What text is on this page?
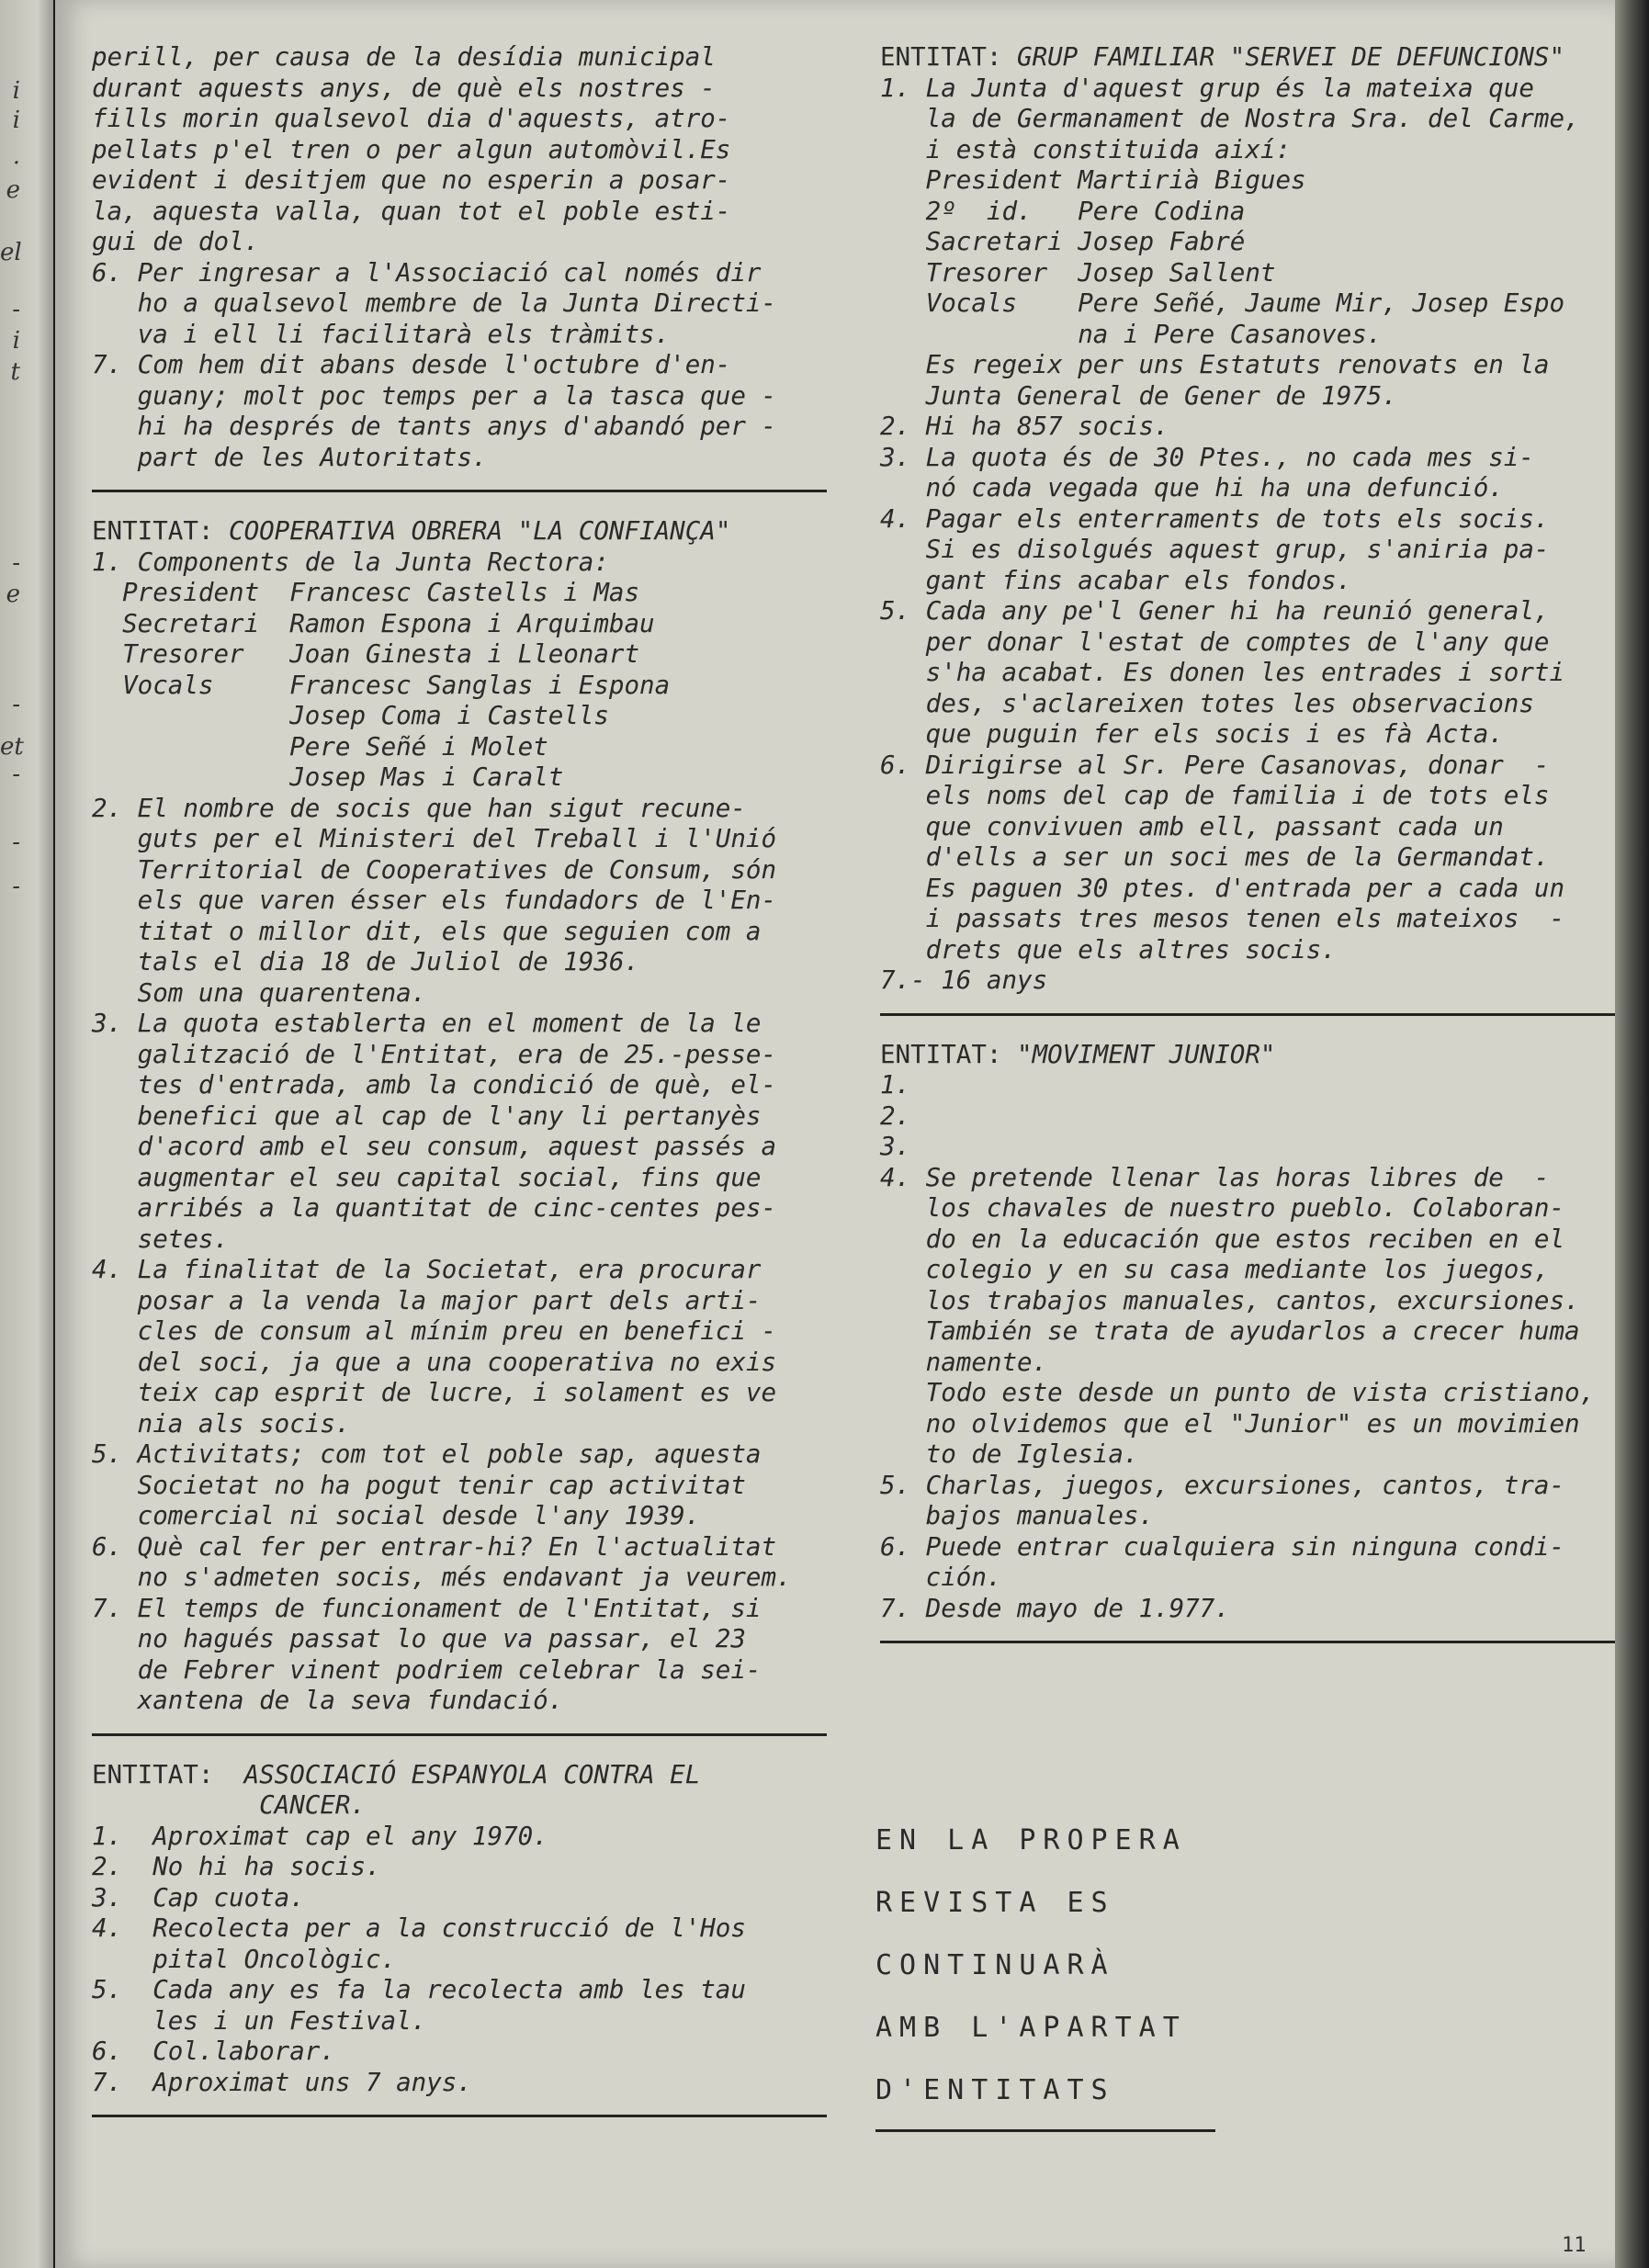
i
i
.
e
el
-
i
t
-
e
-
et
-
-
-
perill, per causa de la desídia municipal
durant aquests anys, de què els nostres -
fills morin qualsevol dia d'aquests, atro-
pellats p'el tren o per algun automòvil.Es
evident i desitjem que no esperin a posar-
la, aquesta valla, quan tot el poble esti-
gui de dol.
6. Per ingresar a l'Associació cal només dir
ho a qualsevol membre de la Junta Directi-
va i ell li facilitarà els tràmits.
7. Com hem dit abans desde l'octubre d'en-
guany; molt poc temps per a la tasca que -
hi ha després de tants anys d'abandó per -
part de les Autoritats.
ENTITAT: COOPERATIVA OBRERA "LA CONFIANÇA"
1. Components de la Junta Rectora:
President  Francesc Castells i Mas
Secretari  Ramon Espona i Arquimbau
Tresorer   Joan Ginesta i Lleonart
Vocals     Francesc Sanglas i Espona
Josep Coma i Castells
Pere Señé i Molet
Josep Mas i Caralt
2. El nombre de socis que han sigut recune-
guts per el Ministeri del Treball i l'Unió
Territorial de Cooperatives de Consum, són
els que varen ésser els fundadors de l'En-
titat o millor dit, els que seguien com a
tals el dia 18 de Juliol de 1936.
Som una quarentena.
3. La quota establerta en el moment de la le
galització de l'Entitat, era de 25.-pesse-
tes d'entrada, amb la condició de què, el-
benefici que al cap de l'any li pertanyès
d'acord amb el seu consum, aquest passés a
augmentar el seu capital social, fins que
arribés a la quantitat de cinc-centes pes-
setes.
4. La finalitat de la Societat, era procurar
posar a la venda la major part dels arti-
cles de consum al mínim preu en benefici -
del soci, ja que a una cooperativa no exis
teix cap esprit de lucre, i solament es ve
nia als socis.
5. Activitats; com tot el poble sap, aquesta
Societat no ha pogut tenir cap activitat
comercial ni social desde l'any 1939.
6. Què cal fer per entrar-hi? En l'actualitat
no s'admeten socis, més endavant ja veurem.
7. El temps de funcionament de l'Entitat, si
no hagués passat lo que va passar, el 23
de Febrer vinent podriem celebrar la sei-
xantena de la seva fundació.
ENTITAT:  ASSOCIACIÓ ESPANYOLA CONTRA EL
CANCER.
1.  Aproximat cap el any 1970.
2.  No hi ha socis.
3.  Cap cuota.
4.  Recolecta per a la construcció de l'Hos
pital Oncològic.
5.  Cada any es fa la recolecta amb les tau
les i un Festival.
6.  Col.laborar.
7.  Aproximat uns 7 anys.
ENTITAT: GRUP FAMILIAR "SERVEI DE DEFUNCIONS"
1. La Junta d'aquest grup és la mateixa que
la de Germanament de Nostra Sra. del Carme,
i està constituida així:
President Martirià Bigues
2º  id.   Pere Codina
Sacretari Josep Fabré
Tresorer  Josep Sallent
Vocals    Pere Señé, Jaume Mir, Josep Espo
na i Pere Casanoves.
Es regeix per uns Estatuts renovats en la
Junta General de Gener de 1975.
2. Hi ha 857 socis.
3. La quota és de 30 Ptes., no cada mes si-
nó cada vegada que hi ha una defunció.
4. Pagar els enterraments de tots els socis.
Si es disolgués aquest grup, s'aniria pa-
gant fins acabar els fondos.
5. Cada any pe'l Gener hi ha reunió general,
per donar l'estat de comptes de l'any que
s'ha acabat. Es donen les entrades i sorti
des, s'aclareixen totes les observacions
que puguin fer els socis i es fà Acta.
6. Dirigirse al Sr. Pere Casanovas, donar  -
els noms del cap de familia i de tots els
que convivuen amb ell, passant cada un
d'ells a ser un soci mes de la Germandat.
Es paguen 30 ptes. d'entrada per a cada un
i passats tres mesos tenen els mateixos  -
drets que els altres socis.
7.- 16 anys
ENTITAT: "MOVIMENT JUNIOR"
1.
2.
3.
4. Se pretende llenar las horas libres de  -
los chavales de nuestro pueblo. Colaboran-
do en la educación que estos reciben en el
colegio y en su casa mediante los juegos,
los trabajos manuales, cantos, excursiones.
También se trata de ayudarlos a crecer huma
namente.
Todo este desde un punto de vista cristiano,
no olvidemos que el "Junior" es un movimien
to de Iglesia.
5. Charlas, juegos, excursiones, cantos, tra-
bajos manuales.
6. Puede entrar cualquiera sin ninguna condi-
ción.
7. Desde mayo de 1.977.
EN LA PROPERA
REVISTA ES
CONTINUARÀ
AMB L'APARTAT
D'ENTITATS
11
